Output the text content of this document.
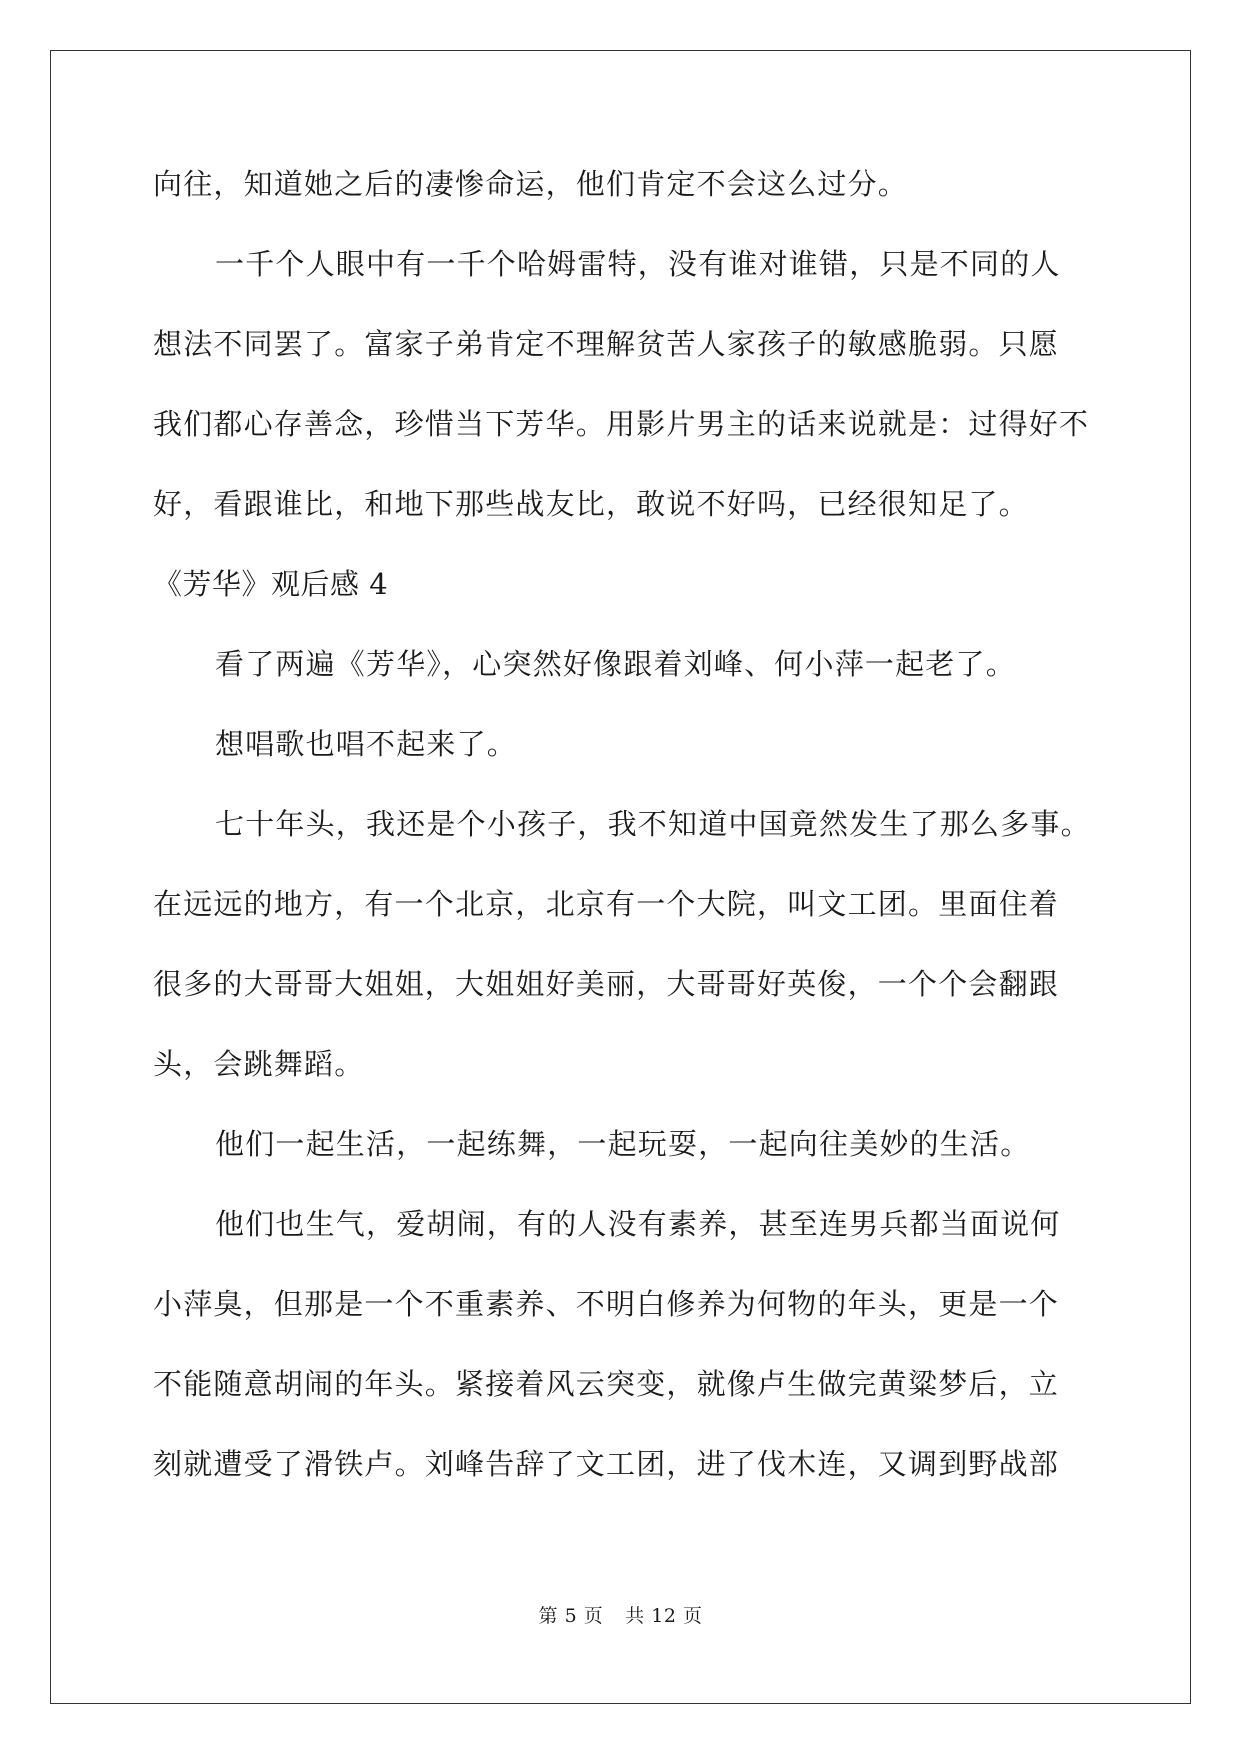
向往，知道她之后的凄惨命运，他们肯定不会这么过分。
一千个人眼中有一千个哈姆雷特，没有谁对谁错，只是不同的人
想法不同罢了。富家子弟肯定不理解贫苦人家孩子的敏感脆弱。只愿
我们都心存善念，珍惜当下芳华。用影片男主的话来说就是：过得好不
好，看跟谁比，和地下那些战友比，敢说不好吗，已经很知足了。
《芳华》观后感 4
看了两遍《芳华》，心突然好像跟着刘峰、何小萍一起老了。
想唱歌也唱不起来了。
七十年头，我还是个小孩子，我不知道中国竟然发生了那么多事。
在远远的地方，有一个北京，北京有一个大院，叫文工团。里面住着
很多的大哥哥大姐姐，大姐姐好美丽，大哥哥好英俊，一个个会翻跟
头，会跳舞蹈。
他们一起生活，一起练舞，一起玩耍，一起向往美妙的生活。
他们也生气，爱胡闹，有的人没有素养，甚至连男兵都当面说何
小萍臭，但那是一个不重素养、不明白修养为何物的年头，更是一个
不能随意胡闹的年头。紧接着风云突变，就像卢生做完黄粱梦后，立
刻就遭受了滑铁卢。刘峰告辞了文工团，进了伐木连，又调到野战部
第 5 页 共 12 页
